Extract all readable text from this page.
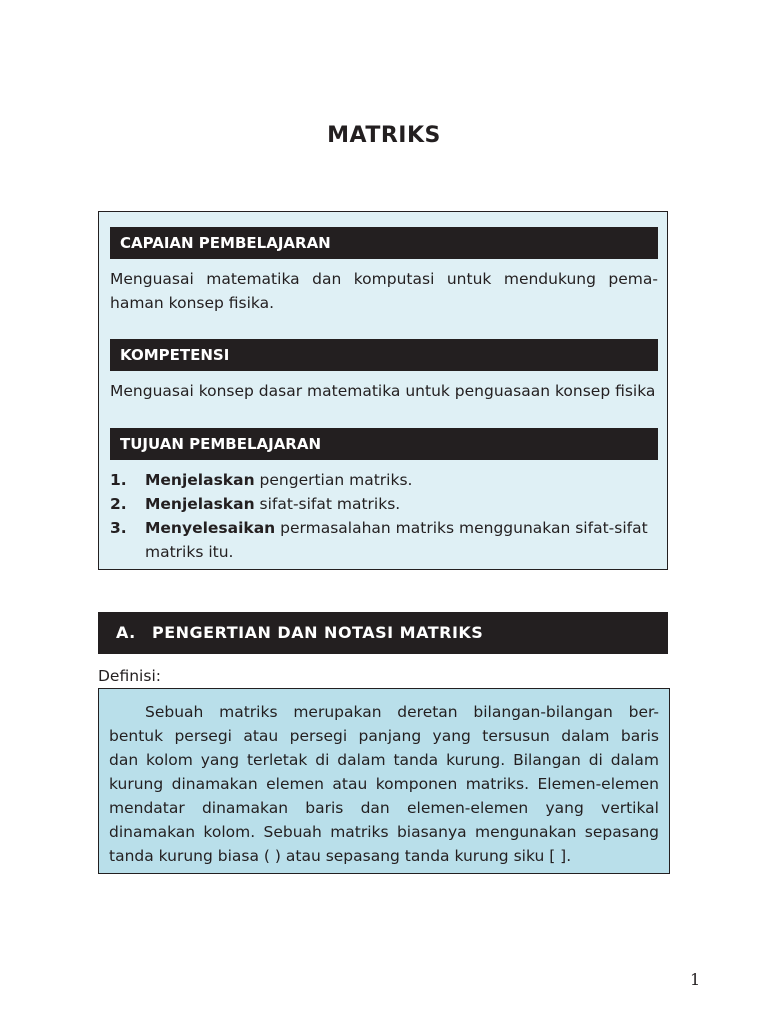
MATRIKS
CAPAIAN PEMBELAJARAN
Menguasai matematika dan komputasi untuk mendukung pema-
haman konsep fisika.
KOMPETENSI
Menguasai konsep dasar matematika untuk penguasaan konsep fisika
TUJUAN PEMBELAJARAN
1. Menjelaskan pengertian matriks.
2. Menjelaskan sifat-sifat matriks.
3. Menyelesaikan permasalahan matriks menggunakan sifat-sifat matriks itu.
A. PENGERTIAN DAN NOTASI MATRIKS
Definisi:
Sebuah matriks merupakan deretan bilangan-bilangan ber-
bentuk persegi atau persegi panjang yang tersusun dalam baris
dan kolom yang terletak di dalam tanda kurung. Bilangan di dalam
kurung dinamakan elemen atau komponen matriks. Elemen-elemen
mendatar dinamakan baris dan elemen-elemen yang vertikal
dinamakan kolom. Sebuah matriks biasanya mengunakan sepasang
tanda kurung biasa ( ) atau sepasang tanda kurung siku [ ].
1
